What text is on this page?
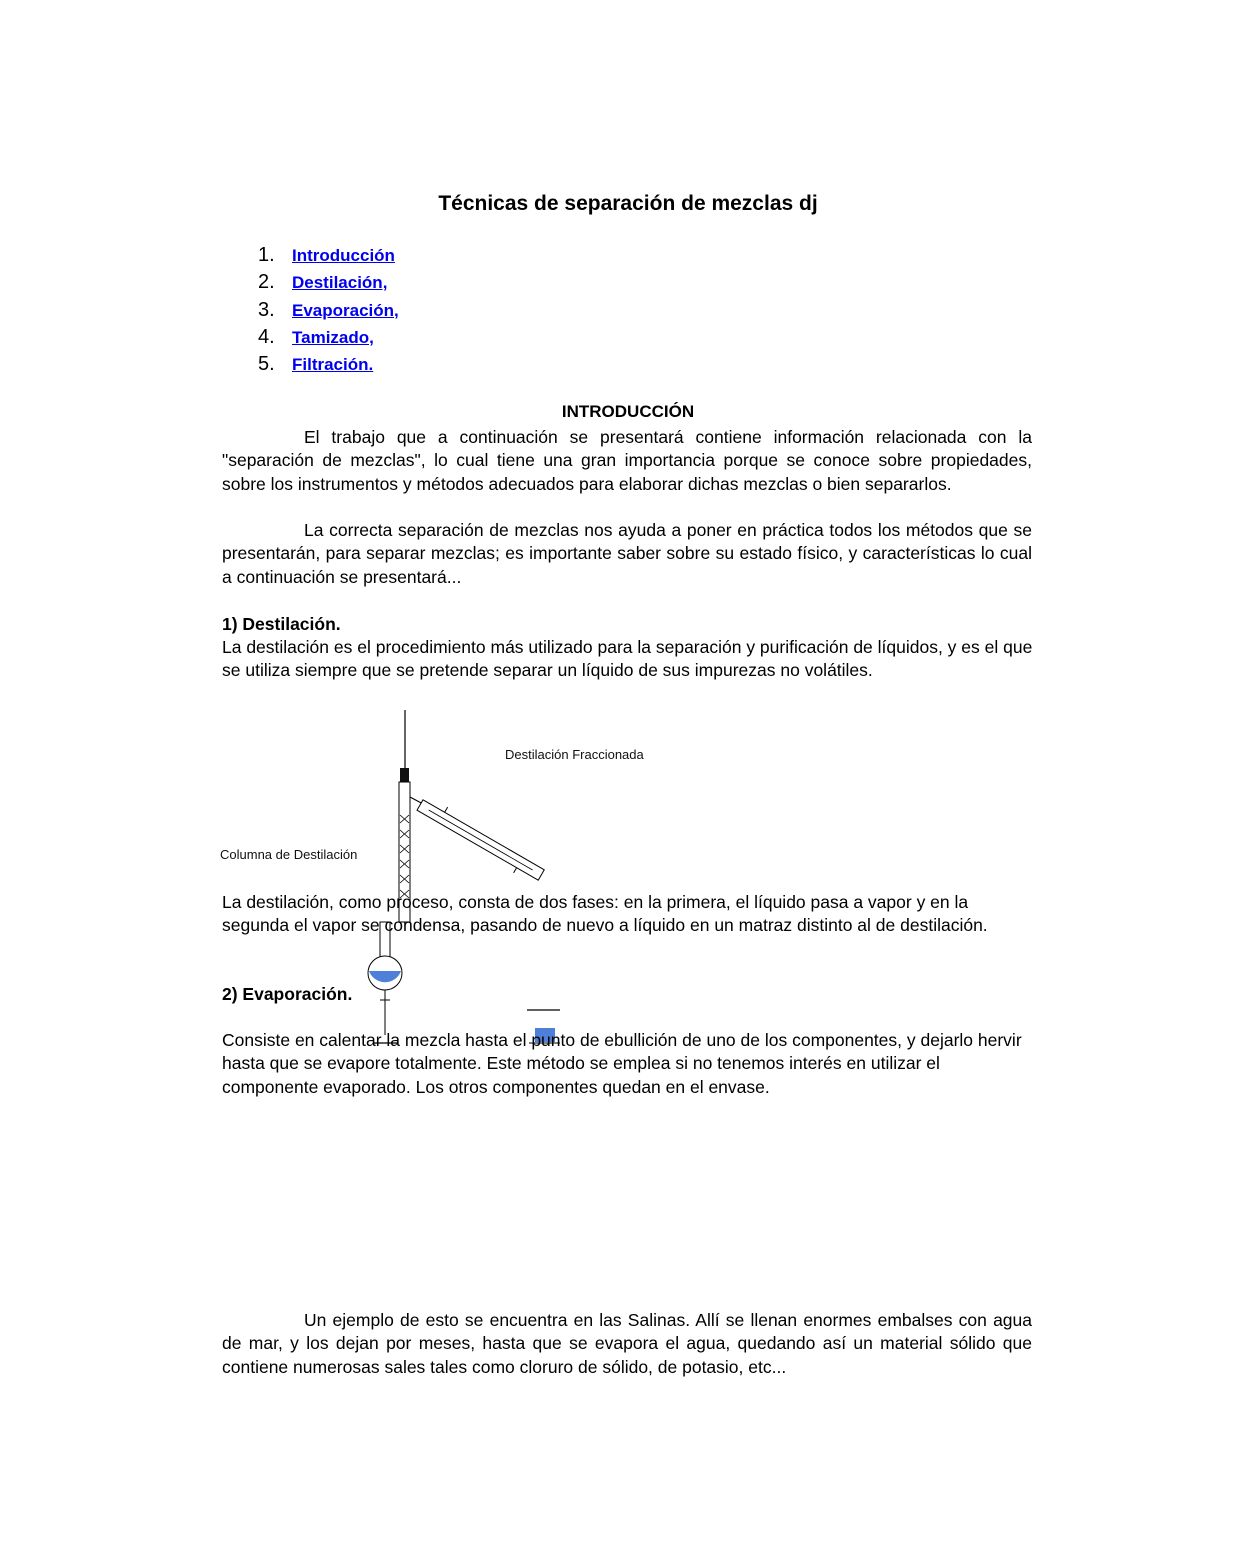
Técnicas de separación de mezclas dj
1. Introducción
2. Destilación,
3. Evaporación,
4. Tamizado,
5. Filtración.
INTRODUCCIÓN
El trabajo que a continuación se presentará contiene información relacionada con la "separación de mezclas", lo cual tiene una gran importancia porque se conoce sobre propiedades, sobre los instrumentos y métodos adecuados para elaborar dichas mezclas o bien separarlos.
La correcta separación de mezclas nos ayuda a poner en práctica todos los métodos que se presentarán, para separar mezclas; es importante saber sobre su estado físico, y características lo cual a continuación se presentará...
1) Destilación.
La destilación es el procedimiento más utilizado para la separación y purificación de líquidos, y es el que se utiliza siempre que se pretende separar un líquido de sus impurezas no volátiles.
Destilación Fraccionada
Columna de Destilación
La destilación, como proceso, consta de dos fases: en la primera, el líquido pasa a vapor y en la segunda el vapor se condensa, pasando de nuevo a líquido en un matraz distinto al de destilación.
2) Evaporación.
Consiste en calentar la mezcla hasta el punto de ebullición de uno de los componentes, y dejarlo hervir hasta que se evapore totalmente. Este método se emplea si no tenemos interés en utilizar el componente evaporado. Los otros componentes quedan en el envase.
Un ejemplo de esto se encuentra en las Salinas. Allí se llenan enormes embalses con agua de mar, y los dejan por meses, hasta que se evapora el agua, quedando así un material sólido que contiene numerosas sales tales como cloruro de sólido, de potasio, etc...
